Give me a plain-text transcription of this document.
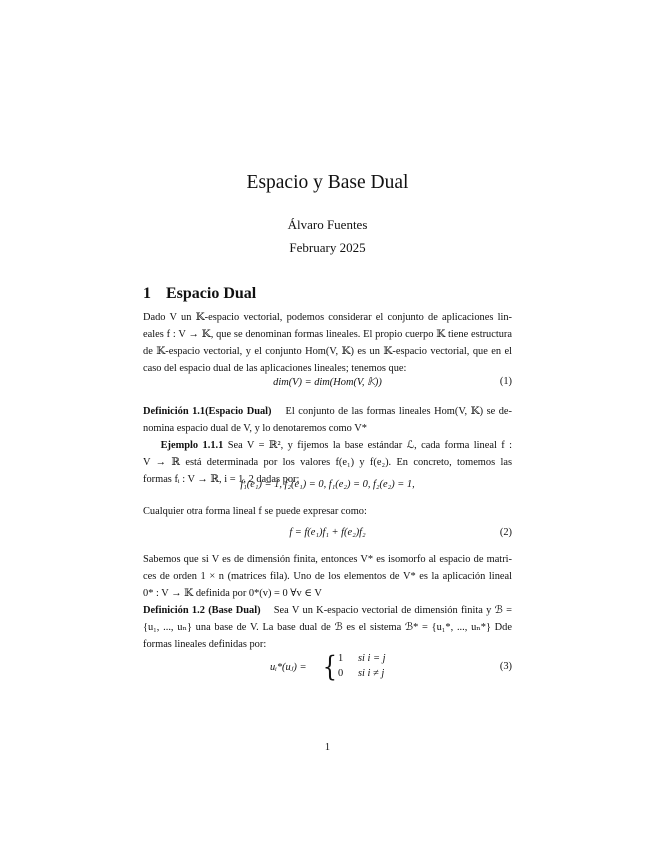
Espacio y Base Dual
Álvaro Fuentes
February 2025
1 Espacio Dual
Dado V un 𝕂-espacio vectorial, podemos considerar el conjunto de aplicaciones lin-
eales f : V → 𝕂, que se denominan formas lineales. El propio cuerpo 𝕂 tiene estructura
de 𝕂-espacio vectorial, y el conjunto Hom(V, 𝕂) es un 𝕂-espacio vectorial, que en el
caso del espacio dual de las aplicaciones lineales; tenemos que:
dim(V) = dim(Hom(V, 𝕂))	(1)
Definición 1.1(Espacio Dual) El conjunto de las formas lineales Hom(V, 𝕂) se de-
nomina espacio dual de V, y lo denotaremos como V*
Ejemplo 1.1.1 Sea V = ℝ², y fijemos la base estándar ℒ, cada forma lineal f :
V → ℝ está determinada por los valores f(e₁) y f(e₂). En concreto, tomemos las
formas fᵢ : V → ℝ, i = 1, 2 dadas por:
f₁(e₁) = 1, f₂(e₁) = 0, f₁(e₂) = 0, f₂(e₂) = 1,
Cualquier otra forma lineal f se puede expresar como:
f = f(e₁)f₁ + f(e₂)f₂	(2)
Sabemos que si V es de dimensión finita, entonces V* es isomorfo al espacio de matri-
ces de orden 1 × n (matrices fila). Uno de los elementos de V* es la aplicación lineal
0* : V → 𝕂 definida por 0*(v) = 0 ∀v ∈ V
Definición 1.2 (Base Dual) Sea V un K-espacio vectorial de dimensión finita y ℬ =
{u₁, ..., uₙ} una base de V. La base dual de ℬ es el sistema ℬ* = {u₁*, ..., uₙ*} Dde
formas lineales definidas por:
uᵢ*(uⱼ) = { 1 si i = j
0 si i ≠ j
(3)
1
